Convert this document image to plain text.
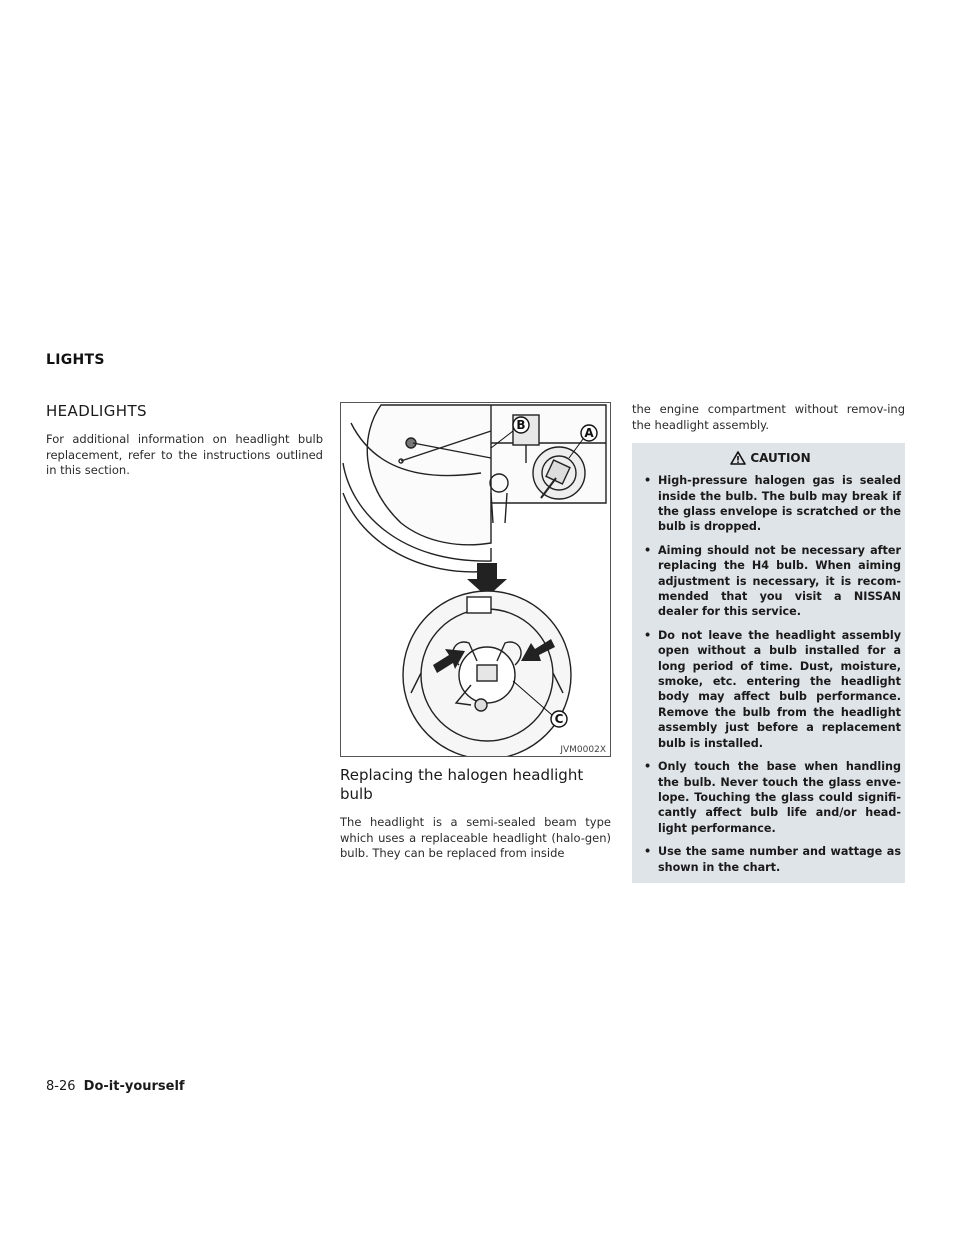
LIGHTS
HEADLIGHTS

For additional information on headlight bulb replacement, refer to the instructions outlined in this section.

B
A
C
JVM0002X
Replacing the halogen headlight bulb

The headlight is a semi-sealed beam type which uses a replaceable headlight (halo-gen) bulb. They can be replaced from inside

the engine compartment without remov-ing the headlight assembly.

CAUTION
• High-pressure halogen gas is sealed inside the bulb. The bulb may break if the glass envelope is scratched or the bulb is dropped.
• Aiming should not be necessary after replacing the H4 bulb. When aiming adjustment is necessary, it is recom-mended that you visit a NISSAN dealer for this service.
• Do not leave the headlight assembly open without a bulb installed for a long period of time. Dust, moisture, smoke, etc. entering the headlight body may affect bulb performance. Remove the bulb from the headlight assembly just before a replacement bulb is installed.
• Only touch the base when handling the bulb. Never touch the glass enve-lope. Touching the glass could signifi-cantly affect bulb life and/or head-light performance.
• Use the same number and wattage as shown in the chart.
8-26 Do-it-yourself
